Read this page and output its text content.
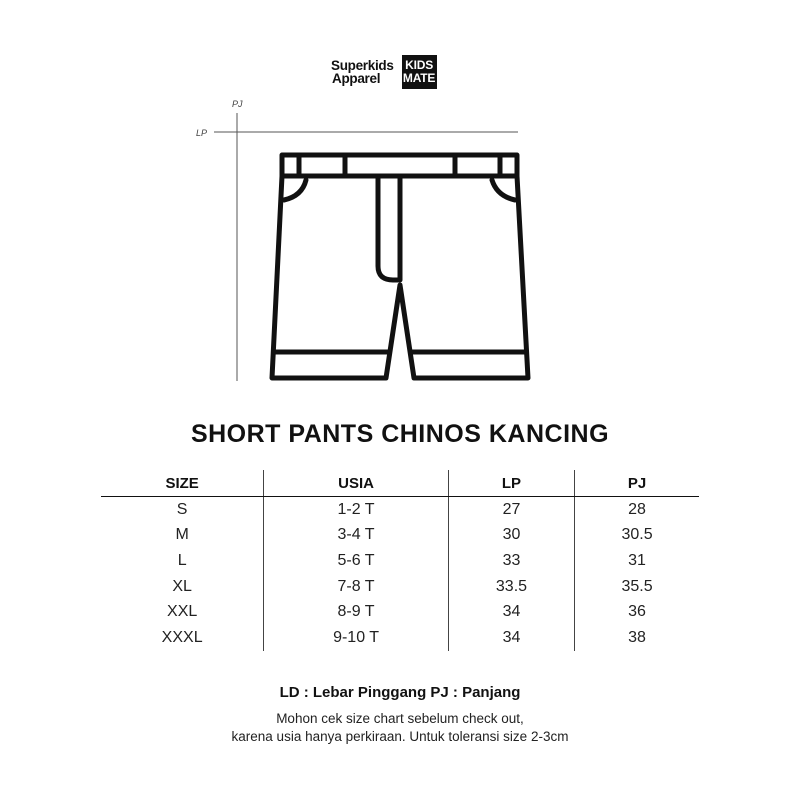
Superkids
Apparel
KIDS
MATE
PJ
LP
SHORT PANTS CHINOS KANCING
SIZE	USIA	LP	PJ
S	1-2 T	27	28
M	3-4 T	30	30.5
L	5-6 T	33	31
XL	7-8 T	33.5	35.5
XXL	8-9 T	34	36
XXXL	9-10 T	34	38
LD : Lebar Pinggang PJ : Panjang
Mohon cek size chart sebelum check out,
karena usia hanya perkiraan. Untuk toleransi size 2-3cm
